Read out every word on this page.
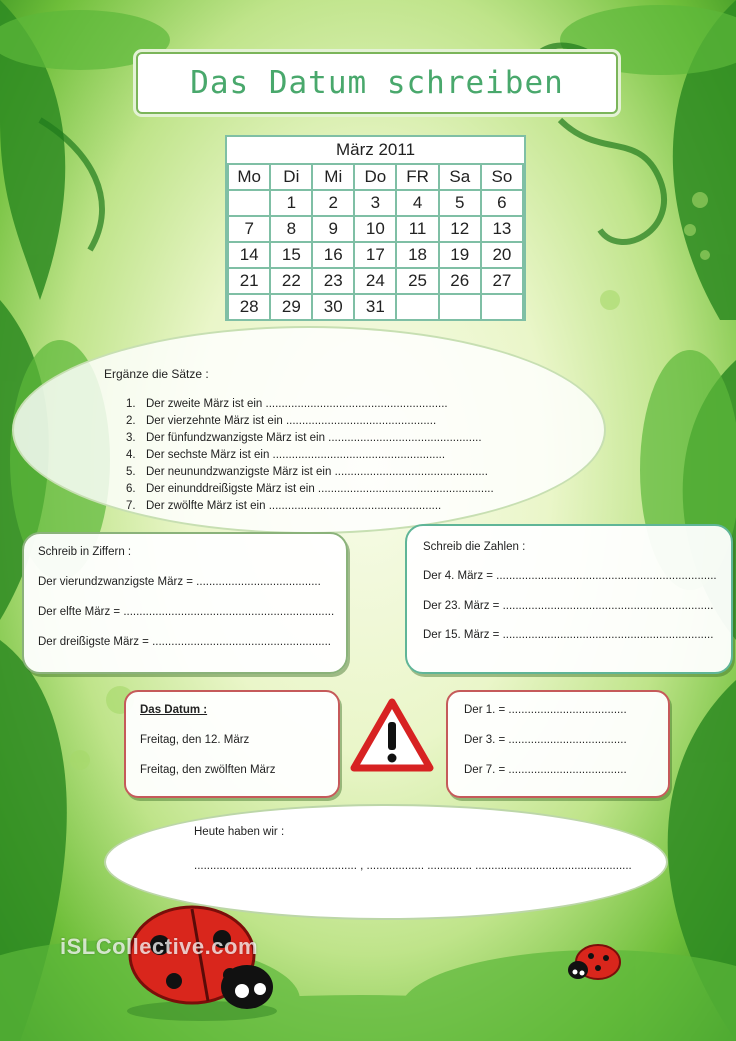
Das Datum schreiben
März 2011						
Mo	Di	Mi	Do	FR	Sa	So
	1	2	3	4	5	6
7	8	9	10	11	12	13
14	15	16	17	18	19	20
21	22	23	24	25	26	27
28	29	30	31			
Ergänze die Sätze :
1. Der zweite März ist ein .........................................................
2. Der vierzehnte März ist ein ...............................................
3. Der fünfundzwanzigste März ist ein ................................................
4. Der sechste März ist ein ......................................................
5. Der neunundzwanzigste März ist ein ................................................
6. Der einunddreißigste März ist ein .......................................................
7. Der zwölfte März ist ein ......................................................
Schreib in Ziffern :
Der vierundzwanzigste März = .......................................
Der elfte März = ..................................................................
Der dreißigste März = ........................................................
Schreib die Zahlen :
Der 4. März = .....................................................................
Der 23. März = ..................................................................
Der 15. März = ..................................................................
Das Datum :
Freitag, den 12. März
Freitag, den zwölften März
Der 1. = .....................................
Der 3. = .....................................
Der 7. = .....................................
Heute haben wir :
................................................... , .................. .............. .................................................
iSLCollective.com
